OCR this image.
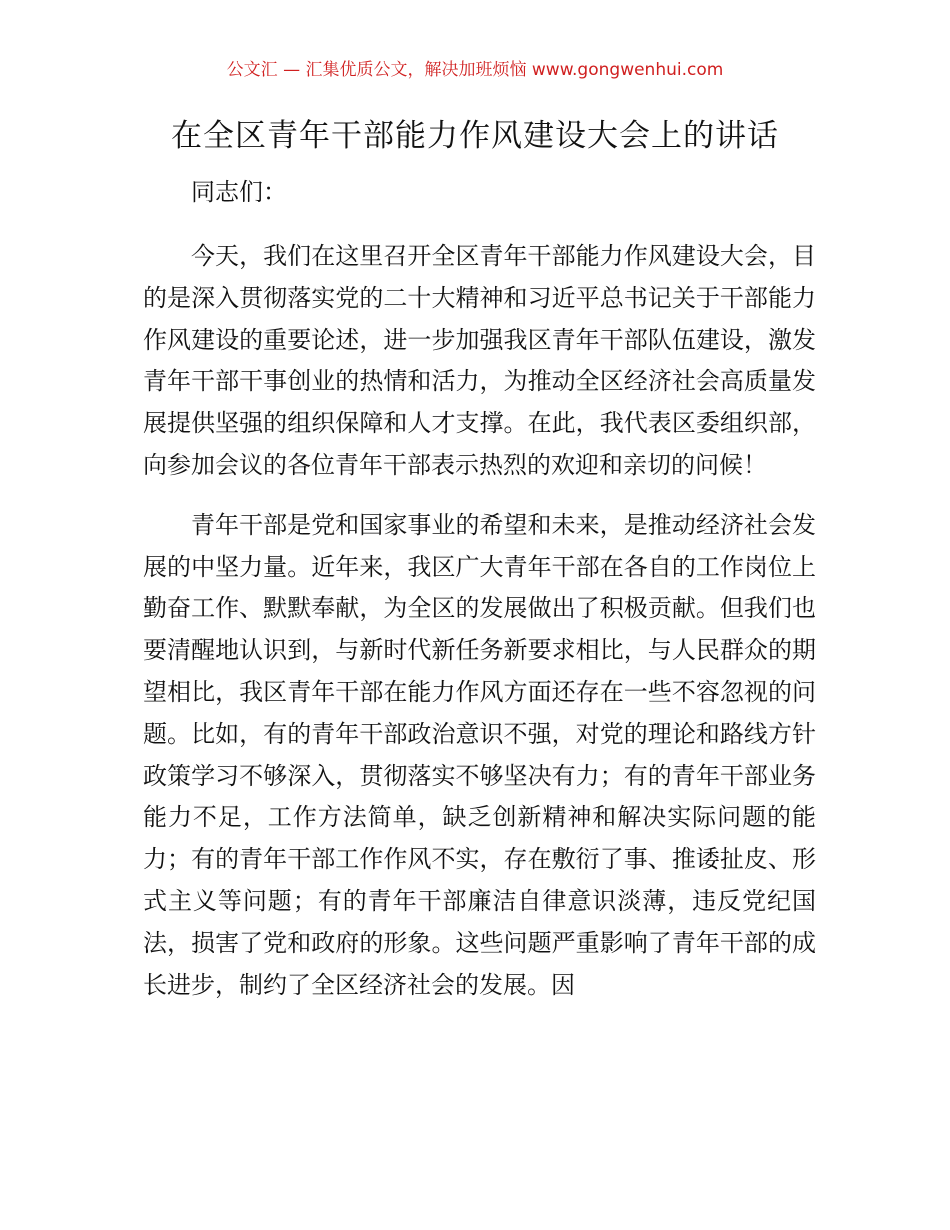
公文汇 — 汇集优质公文，解决加班烦恼 www.gongwenhui.com
在全区青年干部能力作风建设大会上的讲话

同志们：

今天，我们在这里召开全区青年干部能力作风建设大会，目的是深入贯彻落实党的二十大精神和习近平总书记关于干部能力作风建设的重要论述，进一步加强我区青年干部队伍建设，激发青年干部干事创业的热情和活力，为推动全区经济社会高质量发展提供坚强的组织保障和人才支撑。在此，我代表区委组织部，向参加会议的各位青年干部表示热烈的欢迎和亲切的问候！

青年干部是党和国家事业的希望和未来，是推动经济社会发展的中坚力量。近年来，我区广大青年干部在各自的工作岗位上勤奋工作、默默奉献，为全区的发展做出了积极贡献。但我们也要清醒地认识到，与新时代新任务新要求相比，与人民群众的期望相比，我区青年干部在能力作风方面还存在一些不容忽视的问题。比如，有的青年干部政治意识不强，对党的理论和路线方针政策学习不够深入，贯彻落实不够坚决有力；有的青年干部业务能力不足，工作方法简单，缺乏创新精神和解决实际问题的能力；有的青年干部工作作风不实，存在敷衍了事、推诿扯皮、形式主义等问题；有的青年干部廉洁自律意识淡薄，违反党纪国法，损害了党和政府的形象。这些问题严重影响了青年干部的成长进步，制约了全区经济社会的发展。因
